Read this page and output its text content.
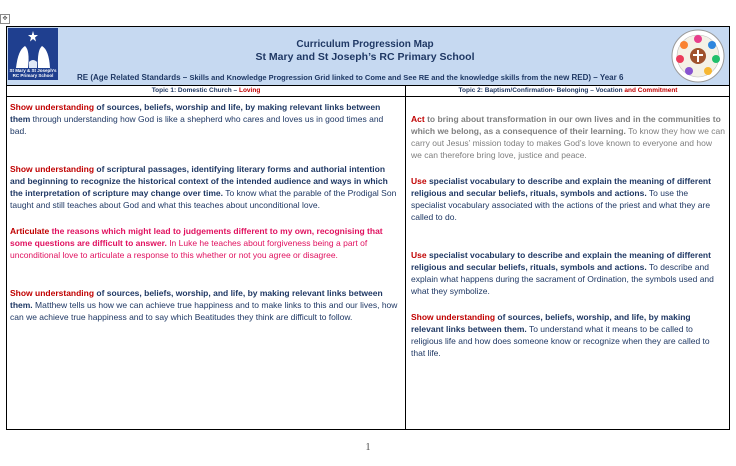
✥
St Mary & St Joseph’s RC Primary School
Curriculum Progression Map
St Mary and St Joseph’s RC Primary School
RE (Age Related Standards – Skills and Knowledge Progression Grid linked to Come and See RE and the knowledge skills from the new RED) – Year 6
Topic 1: Domestic Church – Loving	Topic 2: Baptism/Confirmation- Belonging – Vocation and Commitment

Show understanding of sources, beliefs, worship and life, by making relevant links between them through understanding how God is like a shepherd who cares and loves us in good times and bad.

Show understanding of scriptural passages, identifying literary forms and authorial intention and beginning to recognize the historical context of the intended audience and ways in which the interpretation of scripture may change over time. To know what the parable of the Prodigal Son taught and still teaches about God and what this teaches about unconditional love.

Articulate the reasons which might lead to judgements different to my own, recognising that some questions are difficult to answer. In Luke he teaches about forgiveness being a part of unconditional love to articulate a response to this whether or not you agree or disagree.

Show understanding of sources, beliefs, worship, and life, by making relevant links between them. Matthew tells us how we can achieve true happiness and to make links to this and our lives, how can we achieve true happiness and to say which Beatitudes they think are difficult to follow.

Act to bring about transformation in our own lives and in the communities to which we belong, as a consequence of their learning. To know they how we can carry out Jesus’ mission today to makes God’s love known to everyone and how we can therefore bring love, justice and peace.

Use specialist vocabulary to describe and explain the meaning of different religious and secular beliefs, rituals, symbols and actions. To use the specialist vocabulary associated with the actions of the priest and what they are called to do.

Use specialist vocabulary to describe and explain the meaning of different religious and secular beliefs, rituals, symbols and actions. To describe and explain what happens during the sacrament of Ordination, the symbols used and what they symbolize.

Show understanding of sources, beliefs, worship, and life, by making relevant links between them. To understand what it means to be called to religious life and how does someone know or recognize when they are called to that life.

1
